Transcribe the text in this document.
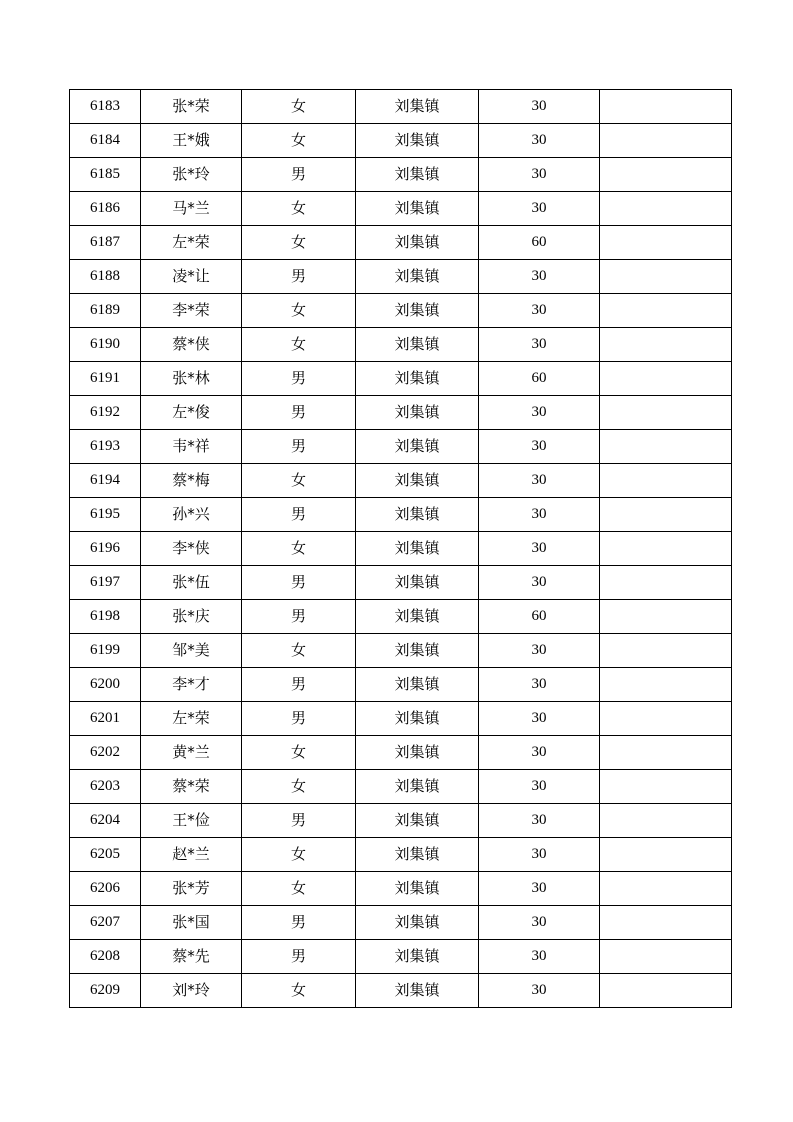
6183	张*荣	女	刘集镇	30	
6184	王*娥	女	刘集镇	30	
6185	张*玲	男	刘集镇	30	
6186	马*兰	女	刘集镇	30	
6187	左*荣	女	刘集镇	60	
6188	凌*让	男	刘集镇	30	
6189	李*荣	女	刘集镇	30	
6190	蔡*侠	女	刘集镇	30	
6191	张*林	男	刘集镇	60	
6192	左*俊	男	刘集镇	30	
6193	韦*祥	男	刘集镇	30	
6194	蔡*梅	女	刘集镇	30	
6195	孙*兴	男	刘集镇	30	
6196	李*侠	女	刘集镇	30	
6197	张*伍	男	刘集镇	30	
6198	张*庆	男	刘集镇	60	
6199	邹*美	女	刘集镇	30	
6200	李*才	男	刘集镇	30	
6201	左*荣	男	刘集镇	30	
6202	黄*兰	女	刘集镇	30	
6203	蔡*荣	女	刘集镇	30	
6204	王*俭	男	刘集镇	30	
6205	赵*兰	女	刘集镇	30	
6206	张*芳	女	刘集镇	30	
6207	张*国	男	刘集镇	30	
6208	蔡*先	男	刘集镇	30	
6209	刘*玲	女	刘集镇	30	
